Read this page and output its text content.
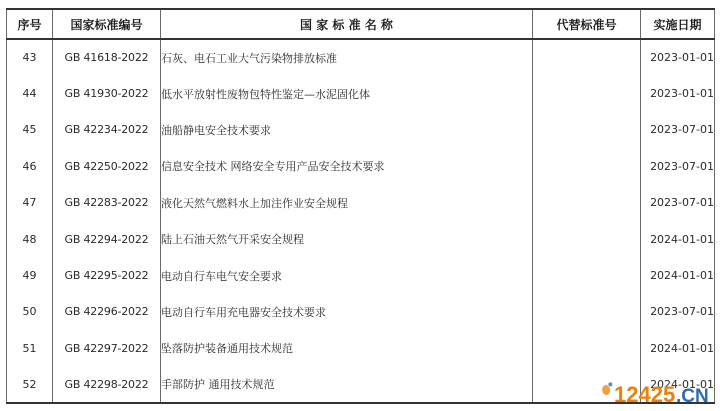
序号	国家标准编号	国 家 标 准 名 称	代替标准号	实施日期
43	GB 41618-2022	石灰、电石工业大气污染物排放标准		2023-01-01
44	GB 41930-2022	低水平放射性废物包特性鉴定—水泥固化体		2023-01-01
45	GB 42234-2022	油船静电安全技术要求		2023-07-01
46	GB 42250-2022	信息安全技术 网络安全专用产品安全技术要求		2023-07-01
47	GB 42283-2022	液化天然气燃料水上加注作业安全规程		2023-07-01
48	GB 42294-2022	陆上石油天然气开采安全规程		2024-01-01
49	GB 42295-2022	电动自行车电气安全要求		2024-01-01
50	GB 42296-2022	电动自行车用充电器安全技术要求		2023-07-01
51	GB 42297-2022	坠落防护装备通用技术规范		2024-01-01
52	GB 42298-2022	手部防护 通用技术规范		2024-01-01
12425 .CN
